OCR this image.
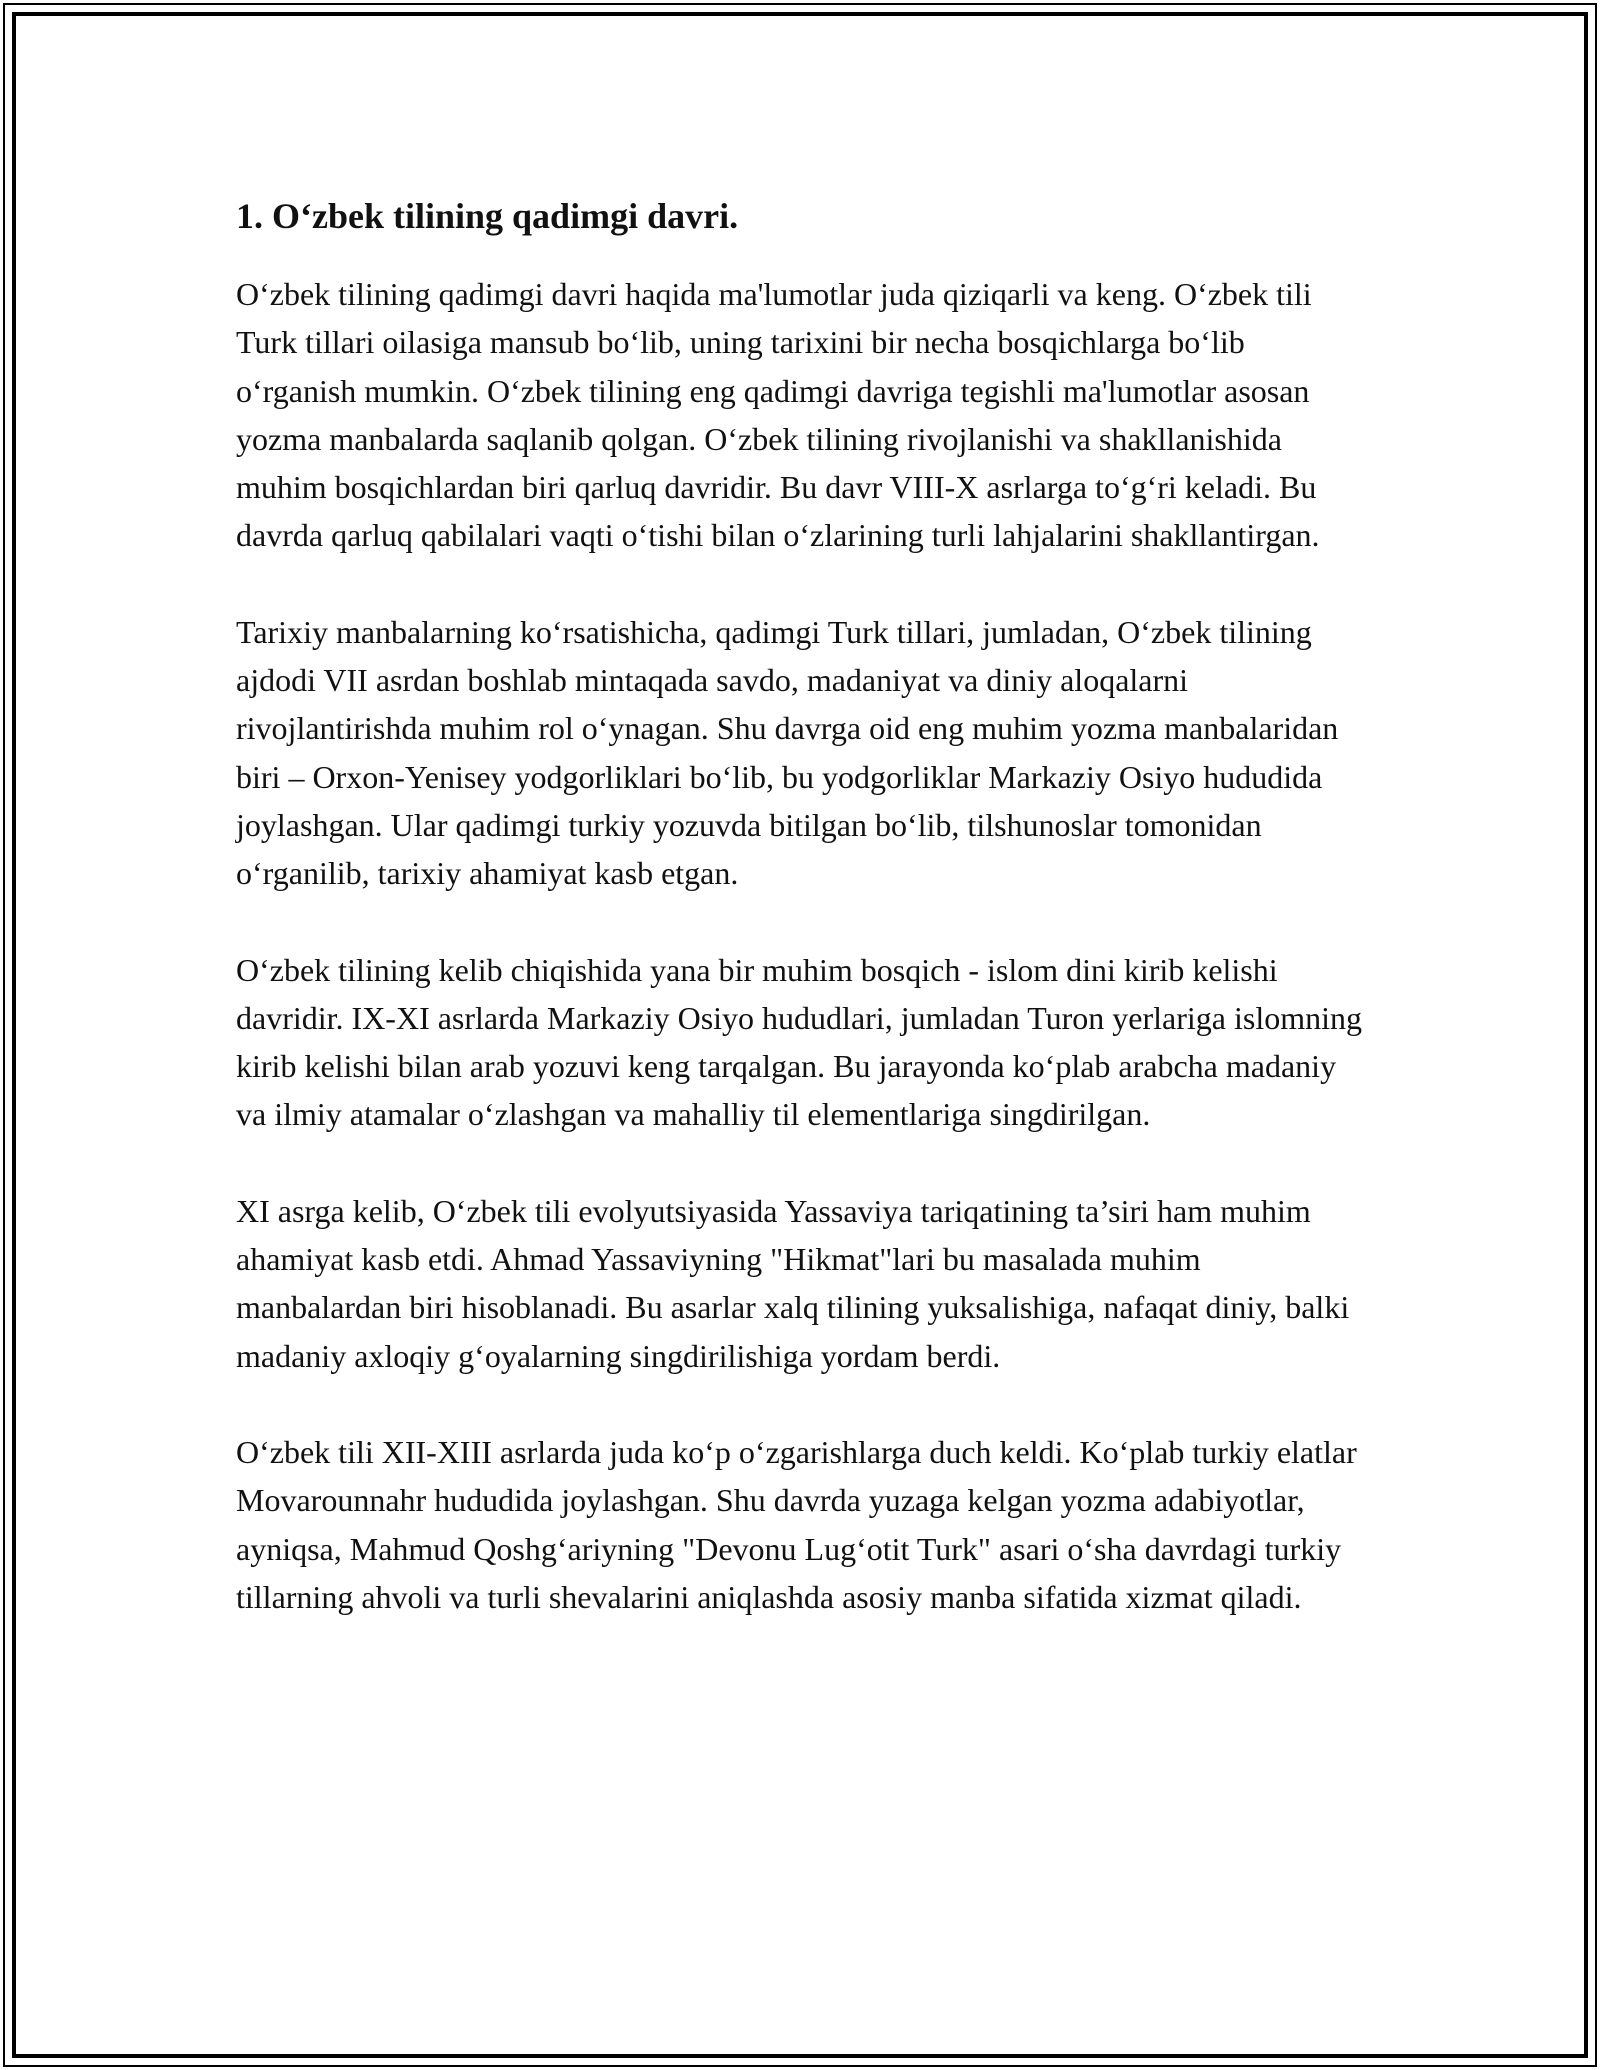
1. O‘zbek tilining qadimgi davri.

O‘zbek tilining qadimgi davri haqida ma'lumotlar juda qiziqarli va keng. O‘zbek tili Turk tillari oilasiga mansub bo‘lib, uning tarixini bir necha bosqichlarga bo‘lib o‘rganish mumkin. O‘zbek tilining eng qadimgi davriga tegishli ma'lumotlar asosan yozma manbalarda saqlanib qolgan. O‘zbek tilining rivojlanishi va shakllanishida muhim bosqichlardan biri qarluq davridir. Bu davr VIII-X asrlarga to‘g‘ri keladi. Bu davrda qarluq qabilalari vaqti o‘tishi bilan o‘zlarining turli lahjalarini shakllantirgan.

Tarixiy manbalarning ko‘rsatishicha, qadimgi Turk tillari, jumladan, O‘zbek tilining ajdodi VII asrdan boshlab mintaqada savdo, madaniyat va diniy aloqalarni rivojlantirishda muhim rol o‘ynagan. Shu davrga oid eng muhim yozma manbalaridan biri – Orxon-Yenisey yodgorliklari bo‘lib, bu yodgorliklar Markaziy Osiyo hududida joylashgan. Ular qadimgi turkiy yozuvda bitilgan bo‘lib, tilshunoslar tomonidan o‘rganilib, tarixiy ahamiyat kasb etgan.

O‘zbek tilining kelib chiqishida yana bir muhim bosqich - islom dini kirib kelishi davridir. IX-XI asrlarda Markaziy Osiyo hududlari, jumladan Turon yerlariga islomning kirib kelishi bilan arab yozuvi keng tarqalgan. Bu jarayonda ko‘plab arabcha madaniy va ilmiy atamalar o‘zlashgan va mahalliy til elementlariga singdirilgan.

XI asrga kelib, O‘zbek tili evolyutsiyasida Yassaviya tariqatining ta’siri ham muhim ahamiyat kasb etdi. Ahmad Yassaviyning "Hikmat"lari bu masalada muhim manbalardan biri hisoblanadi. Bu asarlar xalq tilining yuksalishiga, nafaqat diniy, balki madaniy axloqiy g‘oyalarning singdirilishiga yordam berdi.

O‘zbek tili XII-XIII asrlarda juda ko‘p o‘zgarishlarga duch keldi. Ko‘plab turkiy elatlar Movarounnahr hududida joylashgan. Shu davrda yuzaga kelgan yozma adabiyotlar, ayniqsa, Mahmud Qoshg‘ariyning "Devonu Lug‘otit Turk" asari o‘sha davrdagi turkiy tillarning ahvoli va turli shevalarini aniqlashda asosiy manba sifatida xizmat qiladi.
